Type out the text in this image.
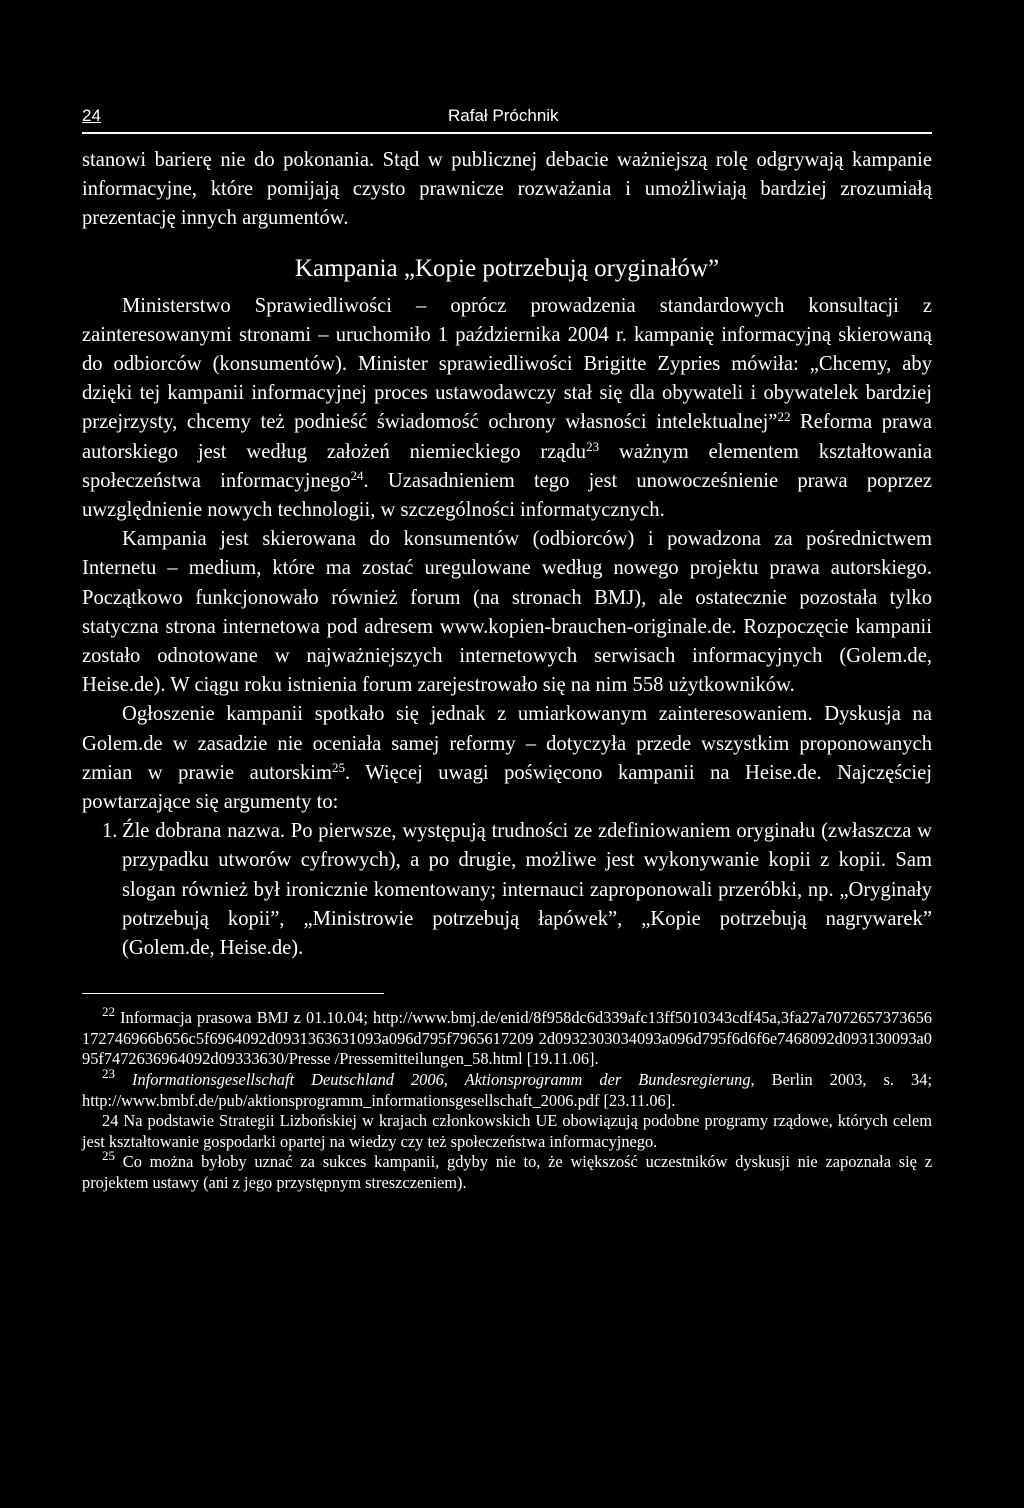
24	Rafał Próchnik

stanowi barierę nie do pokonania. Stąd w publicznej debacie ważniejszą rolę odgrywają kampanie informacyjne, które pomijają czysto prawnicze rozważania i umożliwiają bardziej zrozumiałą prezentację innych argumentów.

Kampania „Kopie potrzebują oryginałów”

Ministerstwo Sprawiedliwości – oprócz prowadzenia standardowych konsultacji z zainteresowanymi stronami – uruchomiło 1 października 2004 r. kampanię informacyjną skierowaną do odbiorców (konsumentów). Minister sprawiedliwości Brigitte Zypries mówiła: „Chcemy, aby dzięki tej kampanii informacyjnej proces ustawodawczy stał się dla obywateli i obywatelek bardziej przejrzysty, chcemy też podnieść świadomość ochrony własności intelektualnej”$^{22}$ Reforma prawa autorskiego jest według założeń niemieckiego rządu$^{23}$ ważnym elementem kształtowania społeczeństwa informacyjnego$^{24}$. Uzasadnieniem tego jest unowocześnienie prawa poprzez uwzględnienie nowych technologii, w szczególności informatycznych.

Kampania jest skierowana do konsumentów (odbiorców) i powadzona za pośrednictwem Internetu – medium, które ma zostać uregulowane według nowego projektu prawa autorskiego. Początkowo funkcjonowało również forum (na stronach BMJ), ale ostatecznie pozostała tylko statyczna strona internetowa pod adresem www.kopien-brauchen-originale.de. Rozpoczęcie kampanii zostało odnotowane w najważniejszych internetowych serwisach informacyjnych (Golem.de, Heise.de). W ciągu roku istnienia forum zarejestrowało się na nim 558 użytkowników.

Ogłoszenie kampanii spotkało się jednak z umiarkowanym zainteresowaniem. Dyskusja na Golem.de w zasadzie nie oceniała samej reformy – dotyczyła przede wszystkim proponowanych zmian w prawie autorskim$^{25}$. Więcej uwagi poświęcono kampanii na Heise.de. Najczęściej powtarzające się argumenty to:

1. Źle dobrana nazwa. Po pierwsze, występują trudności ze zdefiniowaniem oryginału (zwłaszcza w przypadku utworów cyfrowych), a po drugie, możliwe jest wykonywanie kopii z kopii. Sam slogan również był ironicznie komentowany; internauci zaproponowali przeróbki, np. „Oryginały potrzebują kopii”, „Ministrowie potrzebują łapówek”, „Kopie potrzebują nagrywarek” (Golem.de, Heise.de).

$^{22}$ Informacja prasowa BMJ z 01.10.04; http://www.bmj.de/enid/8f958dc6d339afc13ff5010343cdf45a,3fa27a7072657373656172746966b656c5f6964092d0931363631093a096d795f7965617209 2d0932303034093a096d795f6d6f6e7468092d093130093a095f7472636964092d09333630/Presse /Pressemitteilungen_58.html [19.11.06].

$^{23}$ Informationsgesellschaft Deutschland 2006, Aktionsprogramm der Bundesregierung, Berlin 2003, s. 34; http://www.bmbf.de/pub/aktionsprogramm_informationsgesellschaft_2006.pdf [23.11.06].

24 Na podstawie Strategii Lizbońskiej w krajach członkowskich UE obowiązują podobne programy rządowe, których celem jest kształtowanie gospodarki opartej na wiedzy czy też społeczeństwa informacyjnego.

$^{25}$ Co można byłoby uznać za sukces kampanii, gdyby nie to, że większość uczestników dyskusji nie zapoznała się z projektem ustawy (ani z jego przystępnym streszczeniem).
